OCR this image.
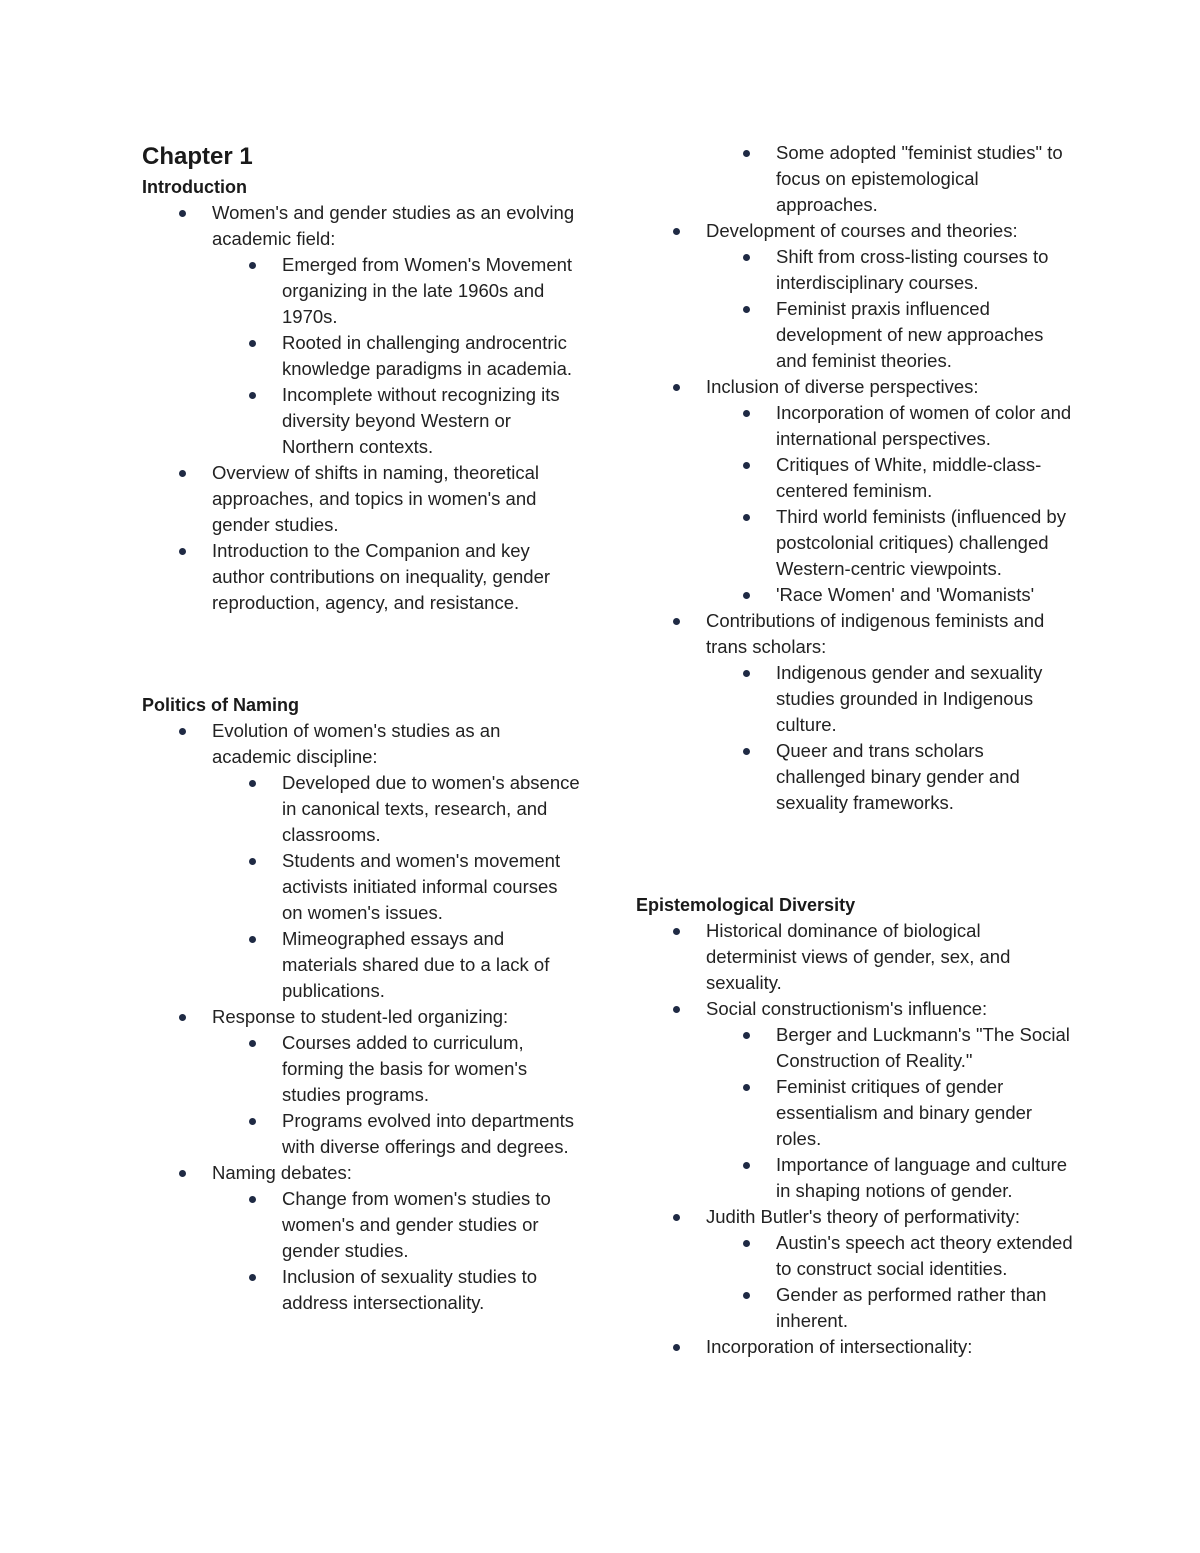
Chapter 1
Introduction
Women's and gender studies as an evolving academic field:
Emerged from Women's Movement organizing in the late 1960s and 1970s.
Rooted in challenging androcentric knowledge paradigms in academia.
Incomplete without recognizing its diversity beyond Western or Northern contexts.
Overview of shifts in naming, theoretical approaches, and topics in women's and gender studies.
Introduction to the Companion and key author contributions on inequality, gender reproduction, agency, and resistance.
Politics of Naming
Evolution of women's studies as an academic discipline:
Developed due to women's absence in canonical texts, research, and classrooms.
Students and women's movement activists initiated informal courses on women's issues.
Mimeographed essays and materials shared due to a lack of publications.
Response to student-led organizing:
Courses added to curriculum, forming the basis for women's studies programs.
Programs evolved into departments with diverse offerings and degrees.
Naming debates:
Change from women's studies to women's and gender studies or gender studies.
Inclusion of sexuality studies to address intersectionality.
Some adopted "feminist studies" to focus on epistemological approaches.
Development of courses and theories:
Shift from cross-listing courses to interdisciplinary courses.
Feminist praxis influenced development of new approaches and feminist theories.
Inclusion of diverse perspectives:
Incorporation of women of color and international perspectives.
Critiques of White, middle-class-centered feminism.
Third world feminists (influenced by postcolonial critiques) challenged Western-centric viewpoints.
'Race Women' and 'Womanists'
Contributions of indigenous feminists and trans scholars:
Indigenous gender and sexuality studies grounded in Indigenous culture.
Queer and trans scholars challenged binary gender and sexuality frameworks.
Epistemological Diversity
Historical dominance of biological determinist views of gender, sex, and sexuality.
Social constructionism's influence:
Berger and Luckmann's "The Social Construction of Reality."
Feminist critiques of gender essentialism and binary gender roles.
Importance of language and culture in shaping notions of gender.
Judith Butler's theory of performativity:
Austin's speech act theory extended to construct social identities.
Gender as performed rather than inherent.
Incorporation of intersectionality:
